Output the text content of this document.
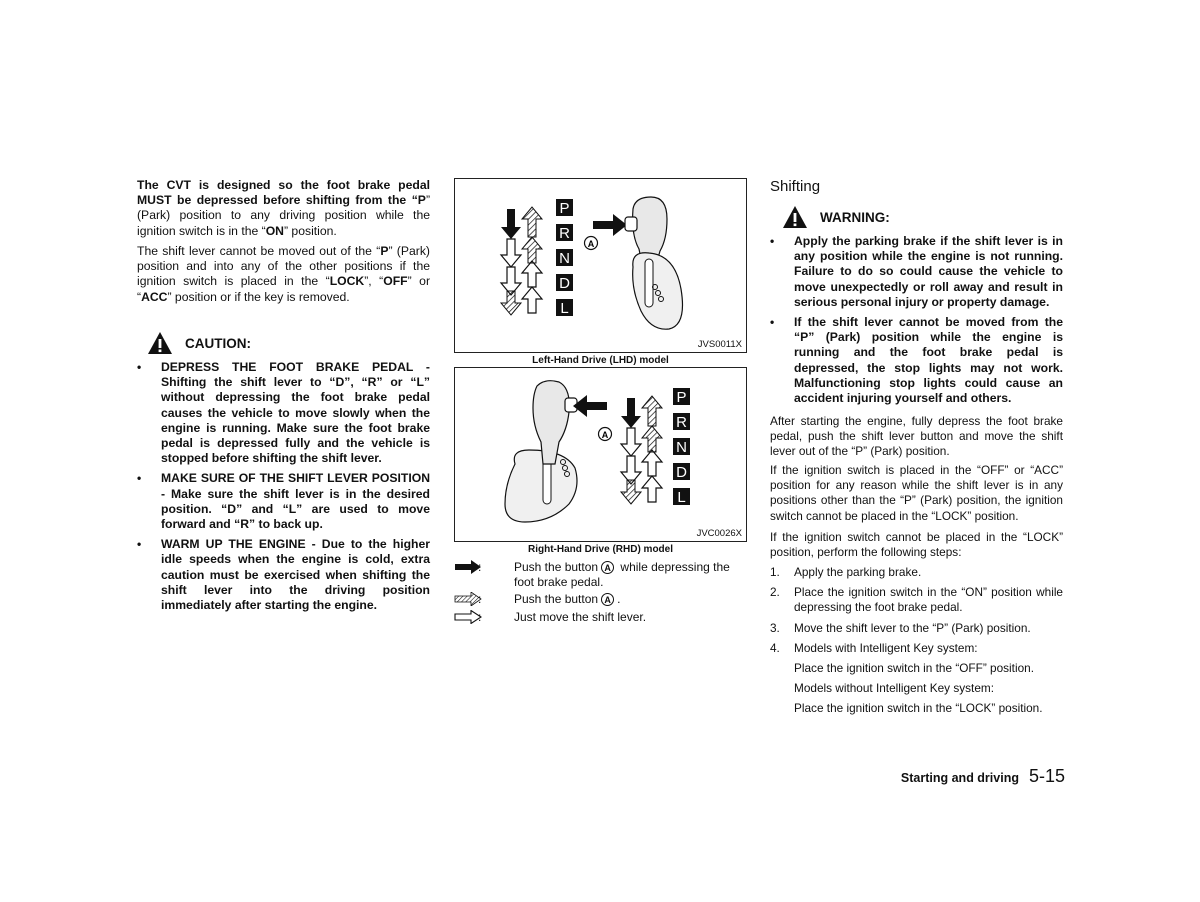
The CVT is designed so the foot brake pedal MUST be depressed before shifting from the “P” (Park) position to any driving position while the ignition switch is in the “ON” position.

The shift lever cannot be moved out of the “P” (Park) position and into any of the other positions if the ignition switch is placed in the “LOCK”, “OFF” or “ACC” position or if the key is removed.

CAUTION:
• DEPRESS THE FOOT BRAKE PEDAL - Shifting the shift lever to “D”, “R” or “L” without depressing the foot brake pedal causes the vehicle to move slowly when the engine is running. Make sure the foot brake pedal is depressed fully and the vehicle is stopped before shifting the shift lever.
• MAKE SURE OF THE SHIFT LEVER POSITION - Make sure the shift lever is in the desired position. “D” and “L” are used to move forward and “R” to back up.
• WARM UP THE ENGINE - Due to the higher idle speeds when the engine is cold, extra caution must be exercised when shifting the shift lever into the driving position immediately after starting the engine.
P
R
N
D
L
A
JVS0011X
Left-Hand Drive (LHD) model
A
P
R
N
D
L
JVC0026X
Right-Hand Drive (RHD) model
:	Push the button A while depressing the foot brake pedal.
:	Push the button A .
:	Just move the shift lever.
Shifting
WARNING:
• Apply the parking brake if the shift lever is in any position while the engine is not running. Failure to do so could cause the vehicle to move unexpectedly or roll away and result in serious personal injury or property damage.
• If the shift lever cannot be moved from the “P” (Park) position while the engine is running and the foot brake pedal is depressed, the stop lights may not work. Malfunctioning stop lights could cause an accident injuring yourself and others.

After starting the engine, fully depress the foot brake pedal, push the shift lever button and move the shift lever out of the “P” (Park) position.

If the ignition switch is placed in the “OFF” or “ACC” position for any reason while the shift lever is in any positions other than the “P” (Park) position, the ignition switch cannot be placed in the “LOCK” position.

If the ignition switch cannot be placed in the “LOCK” position, perform the following steps:

1. Apply the parking brake.
2. Place the ignition switch in the “ON” position while depressing the foot brake pedal.
3. Move the shift lever to the “P” (Park) position.
4. Models with Intelligent Key system:
Place the ignition switch in the “OFF” position.
Models without Intelligent Key system:
Place the ignition switch in the “LOCK” position.
Starting and driving 5-15
